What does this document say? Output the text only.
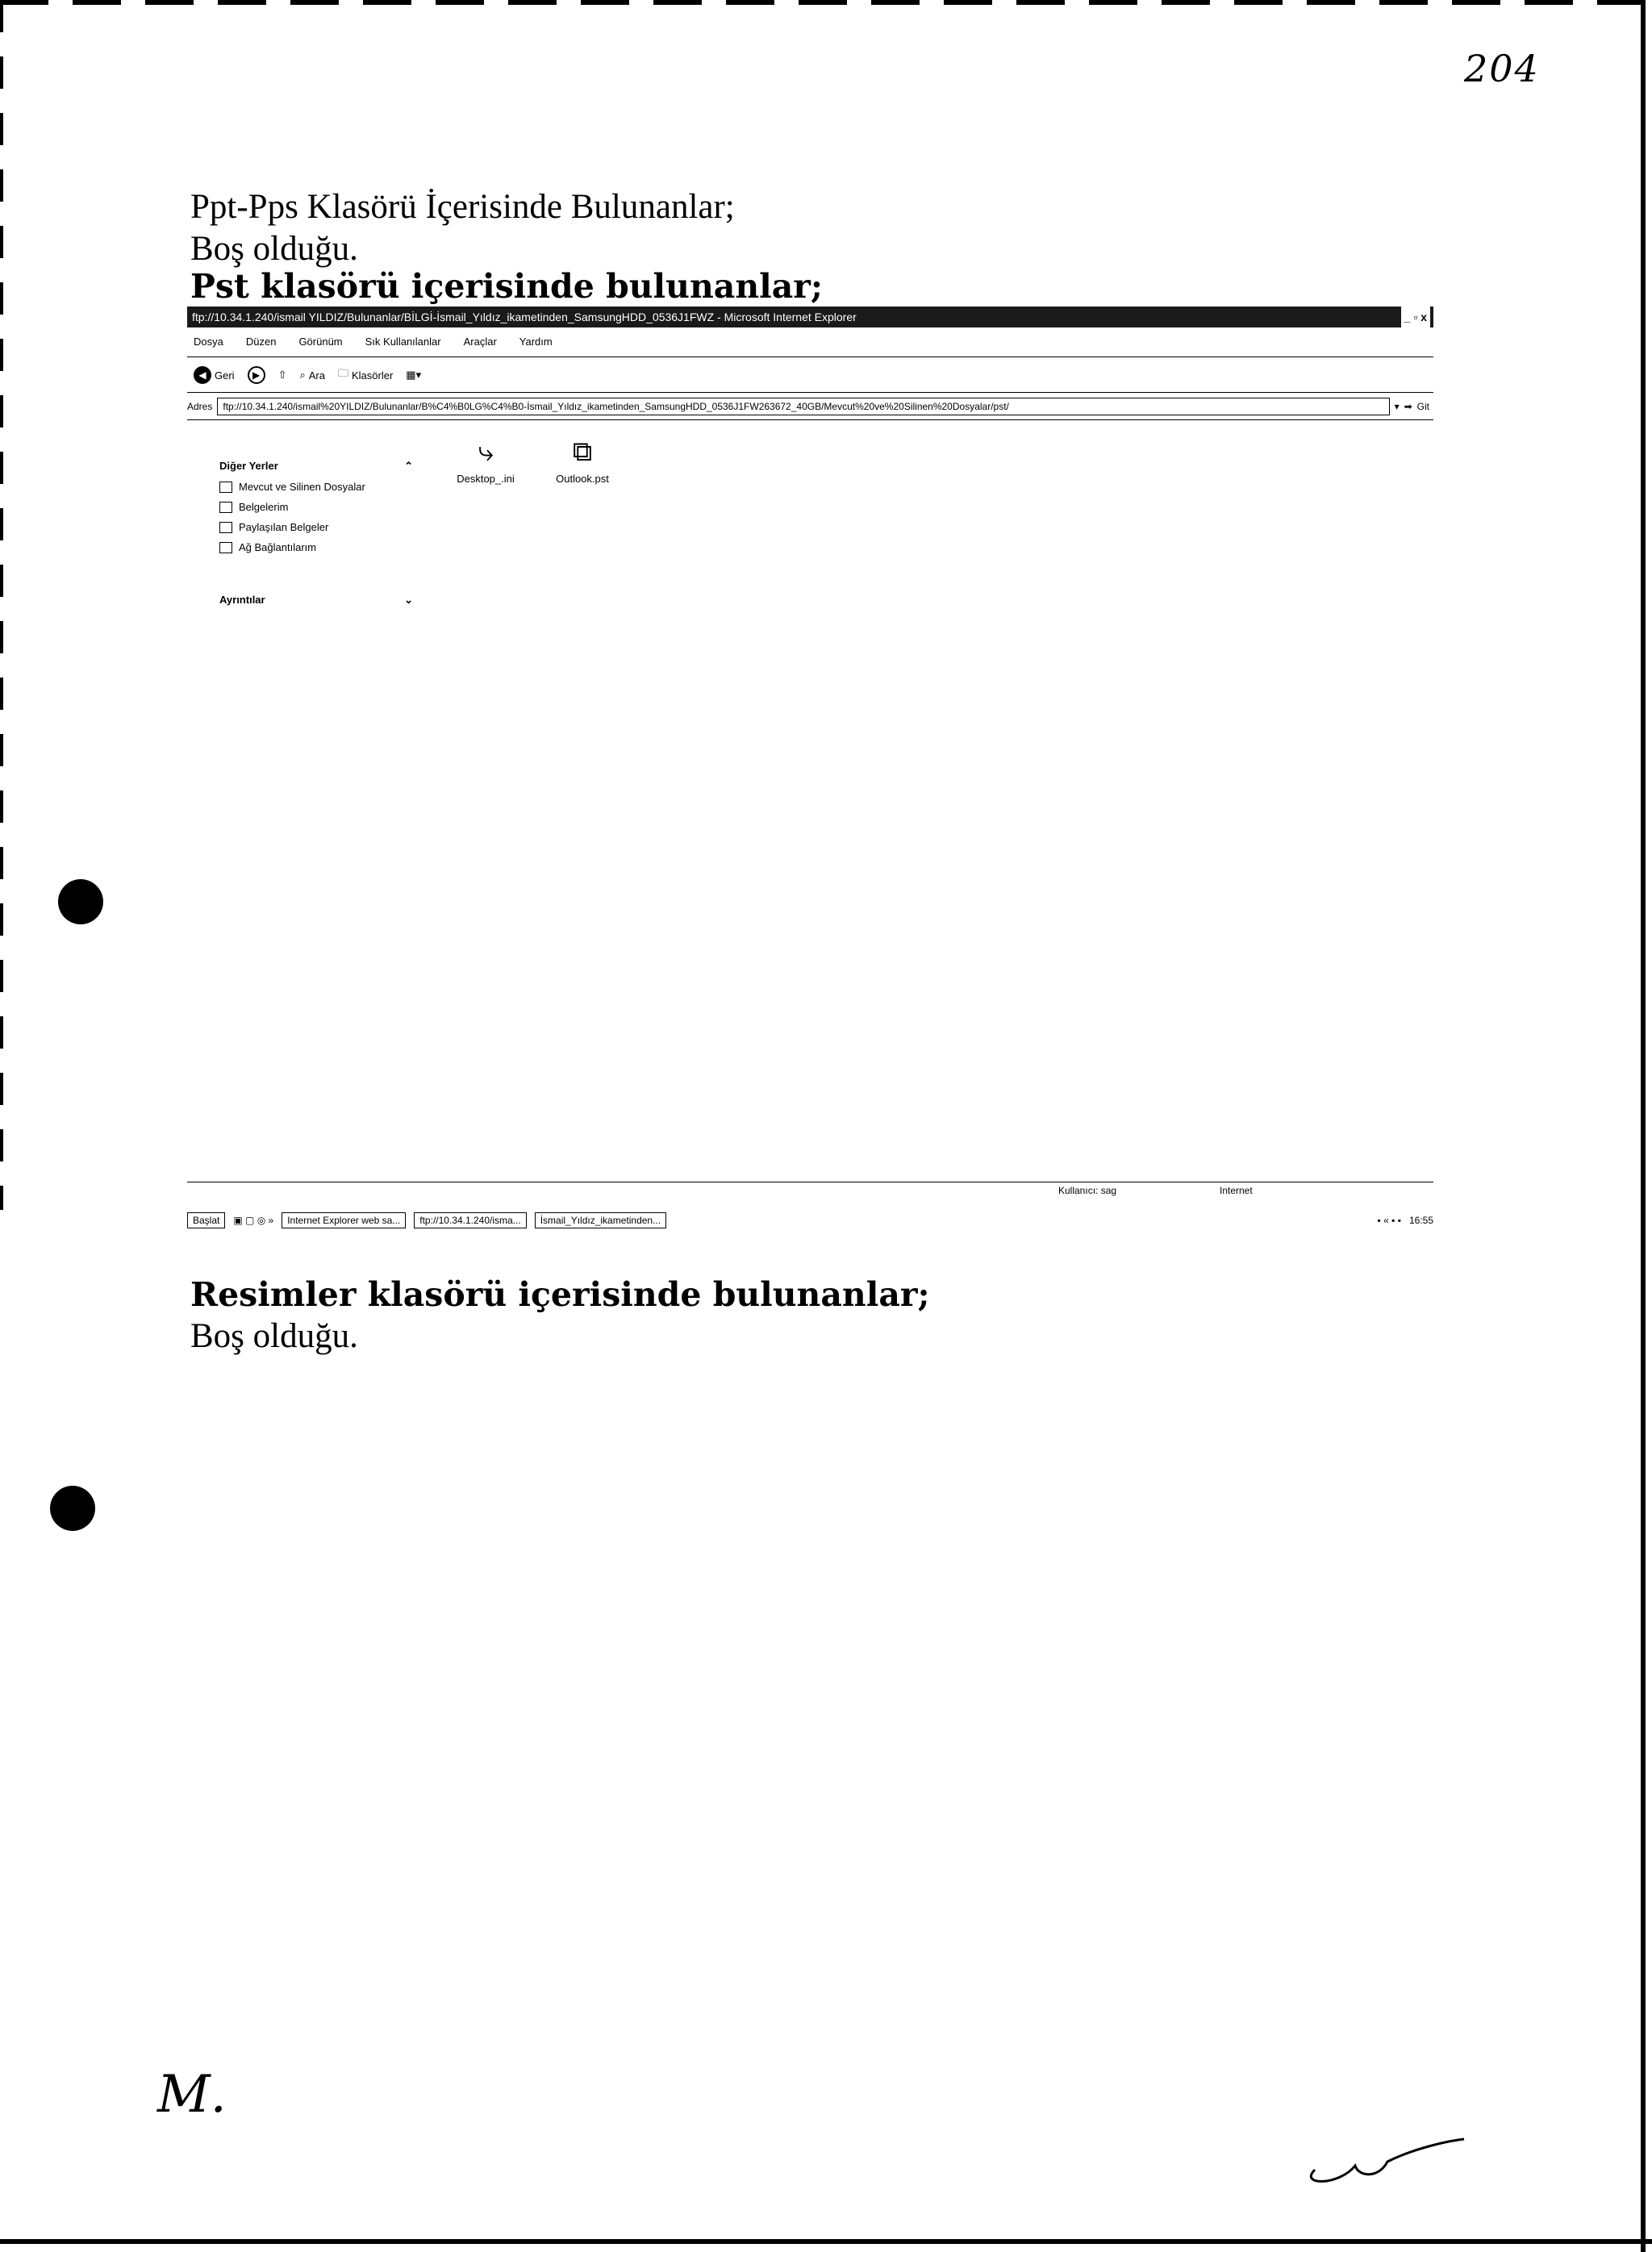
204
Ppt-Pps Klasörü İçerisinde Bulunanlar;
Boş olduğu.
Pst klasörü içerisinde bulunanlar;
ftp://10.34.1.240/ismail YILDIZ/Bulunanlar/BİLGİ-İsmail_Yıldız_ikametinden_SamsungHDD_0536J1FWZ - Microsoft Internet Explorer	_ ▫ x
Dosya Düzen Görünüm Sık Kullanılanlar Araçlar Yardım
◀ Geri	▶	⇧ ⌕ Ara 🗀 Klasörler ▦▾
Adres	ftp://10.34.1.240/ismail%20YILDIZ/Bulunanlar/B%C4%B0LG%C4%B0-İsmail_Yıldız_ikametinden_SamsungHDD_0536J1FW263672_40GB/Mevcut%20ve%20Silinen%20Dosyalar/pst/	▾ ➡ Git
Diğer Yerler	⌃
Mevcut ve Silinen Dosyalar
Belgelerim
Paylaşılan Belgeler
Ağ Bağlantılarım
Ayrıntılar	⌄
⤷
Desktop_.ini
⧉
Outlook.pst
Kullanıcı: sag	Internet
Başlat	▣ ▢ ◎ »	Internet Explorer web sa...	ftp://10.34.1.240/isma...	İsmail_Yıldız_ikametinden...	▪ « ▪ ▪ 16:55
Resimler klasörü içerisinde bulunanlar;
Boş olduğu.
M.
